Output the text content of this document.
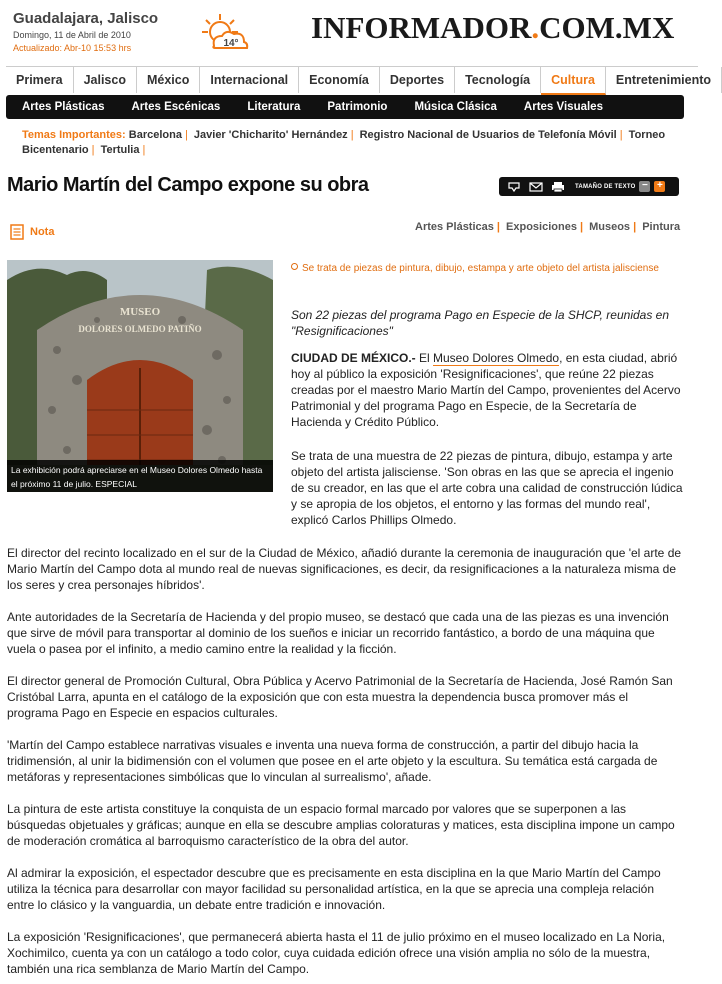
Guadalajara, Jalisco
Domingo, 11 de Abril de 2010
Actualizado: Abr-10 15:53 hrs	14° INFORMADOR.COM.MX
Primera	Jalisco	México	Internacional	Economía	Deportes	Tecnología	Cultura	Entretenimiento
Artes Plásticas	Artes Escénicas	Literatura	Patrimonio	Música Clásica	Artes Visuales
Temas Importantes: Barcelona | Javier 'Chicharito' Hernández | Registro Nacional de Usuarios de Telefonía Móvil | Torneo Bicentenario | Tertulia |
Mario Martín del Campo expone su obra	TAMAÑO DE TEXTO − +
Nota	Artes Plásticas | Exposiciones | Museos | Pintura
MUSEO
DOLORES OLMEDO PATIÑO
La exhibición podrá apreciarse en el Museo Dolores Olmedo hasta el próximo 11 de julio. ESPECIAL
Se trata de piezas de pintura, dibujo, estampa y arte objeto del artista jalisciense
Son 22 piezas del programa Pago en Especie de la SHCP, reunidas en "Resignificaciones"
CIUDAD DE MÉXICO.- El Museo Dolores Olmedo, en esta ciudad, abrió hoy al público la exposición 'Resignificaciones', que reúne 22 piezas creadas por el maestro Mario Martín del Campo, provenientes del Acervo Patrimonial y del programa Pago en Especie, de la Secretaría de Hacienda y Crédito Público.
Se trata de una muestra de 22 piezas de pintura, dibujo, estampa y arte objeto del artista jalisciense. 'Son obras en las que se aprecia el ingenio de su creador, en las que el arte cobra una calidad de construcción lúdica y se apropia de los objetos, el entorno y las formas del mundo real', explicó Carlos Phillips Olmedo.
El director del recinto localizado en el sur de la Ciudad de México, añadió durante la ceremonia de inauguración que 'el arte de Mario Martín del Campo dota al mundo real de nuevas significaciones, es decir, da resignificaciones a la naturaleza misma de los seres y crea personajes híbridos'.
Ante autoridades de la Secretaría de Hacienda y del propio museo, se destacó que cada una de las piezas es una invención que sirve de móvil para transportar al dominio de los sueños e iniciar un recorrido fantástico, a bordo de una máquina que vuela o pasea por el infinito, a medio camino entre la realidad y la ficción.
El director general de Promoción Cultural, Obra Pública y Acervo Patrimonial de la Secretaría de Hacienda, José Ramón San Cristóbal Larra, apunta en el catálogo de la exposición que con esta muestra la dependencia busca promover más el programa Pago en Especie en espacios culturales.
'Martín del Campo establece narrativas visuales e inventa una nueva forma de construcción, a partir del dibujo hacia la tridimensión, al unir la bidimensión con el volumen que posee en el arte objeto y la escultura. Su temática está cargada de metáforas y representaciones simbólicas que lo vinculan al surrealismo', añade.
La pintura de este artista constituye la conquista de un espacio formal marcado por valores que se superponen a las búsquedas objetuales y gráficas; aunque en ella se descubre amplias coloraturas y matices, esta disciplina impone un campo de moderación cromática al barroquismo característico de la obra del autor.
Al admirar la exposición, el espectador descubre que es precisamente en esta disciplina en la que Mario Martín del Campo utiliza la técnica para desarrollar con mayor facilidad su personalidad artística, en la que se aprecia una compleja relación entre lo clásico y la vanguardia, un debate entre tradición e innovación.
La exposición 'Resignificaciones', que permanecerá abierta hasta el 11 de julio próximo en el museo localizado en La Noria, Xochimilco, cuenta ya con un catálogo a todo color, cuya cuidada edición ofrece una visión amplia no sólo de la muestra, también una rica semblanza de Mario Martín del Campo.
